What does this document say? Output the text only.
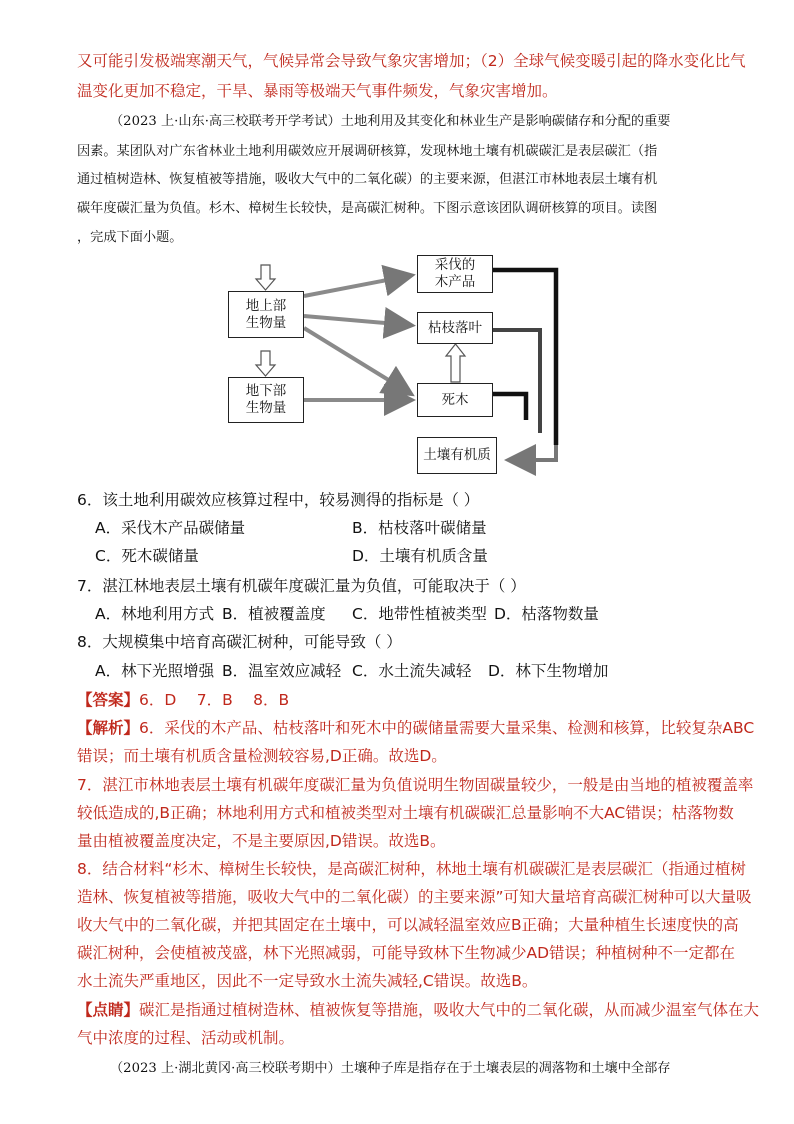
又可能引发极端寒潮天气，气候异常会导致气象灾害增加；（2）全球气候变暖引起的降水变化比气
温变化更加不稳定，干旱、暴雨等极端天气事件频发，气象灾害增加。
（2023 上·山东·高三校联考开学考试）土地利用及其变化和林业生产是影响碳储存和分配的重要
因素。某团队对广东省林业土地利用碳效应开展调研核算，发现林地土壤有机碳碳汇是表层碳汇（指
通过植树造林、恢复植被等措施，吸收大气中的二氧化碳）的主要来源，但湛江市林地表层土壤有机
碳年度碳汇量为负值。杉木、樟树生长较快，是高碳汇树种。下图示意该团队调研核算的项目。读图
，完成下面小题。
地上部
生物量
地下部
生物量
采伐的
木产品
枯枝落叶
死木
土壤有机质
6．该土地利用碳效应核算过程中，较易测得的指标是（ ）
A．采伐木产品碳储量	B．枯枝落叶碳储量
C．死木碳储量	D．土壤有机质含量
7．湛江林地表层土壤有机碳年度碳汇量为负值，可能取决于（ ）
A．林地利用方式 B．植被覆盖度 C．地带性植被类型 D．枯落物数量
8．大规模集中培育高碳汇树种，可能导致（ ）
A．林下光照增强 B．温室效应减轻 C．水土流失减轻 D．林下生物增加
【答案】6．D　 7．B　 8．B
【解析】6．采伐的木产品、枯枝落叶和死木中的碳储量需要大量采集、检测和核算，比较复杂ABC
错误；而土壤有机质含量检测较容易,D正确。故选D。
7．湛江市林地表层土壤有机碳年度碳汇量为负值说明生物固碳量较少，一般是由当地的植被覆盖率
较低造成的,B正确；林地利用方式和植被类型对土壤有机碳碳汇总量影响不大AC错误；枯落物数
量由植被覆盖度决定，不是主要原因,D错误。故选B。
8．结合材料“杉木、樟树生长较快，是高碳汇树种，林地土壤有机碳碳汇是表层碳汇（指通过植树
造林、恢复植被等措施，吸收大气中的二氧化碳）的主要来源”可知大量培育高碳汇树种可以大量吸
收大气中的二氧化碳，并把其固定在土壤中，可以减轻温室效应B正确；大量种植生长速度快的高
碳汇树种，会使植被茂盛，林下光照减弱，可能导致林下生物减少AD错误；种植树种不一定都在
水土流失严重地区，因此不一定导致水土流失减轻,C错误。故选B。
【点睛】碳汇是指通过植树造林、植被恢复等措施，吸收大气中的二氧化碳，从而减少温室气体在大
气中浓度的过程、活动或机制。
（2023 上·湖北黄冈·高三校联考期中）土壤种子库是指存在于土壤表层的凋落物和土壤中全部存
